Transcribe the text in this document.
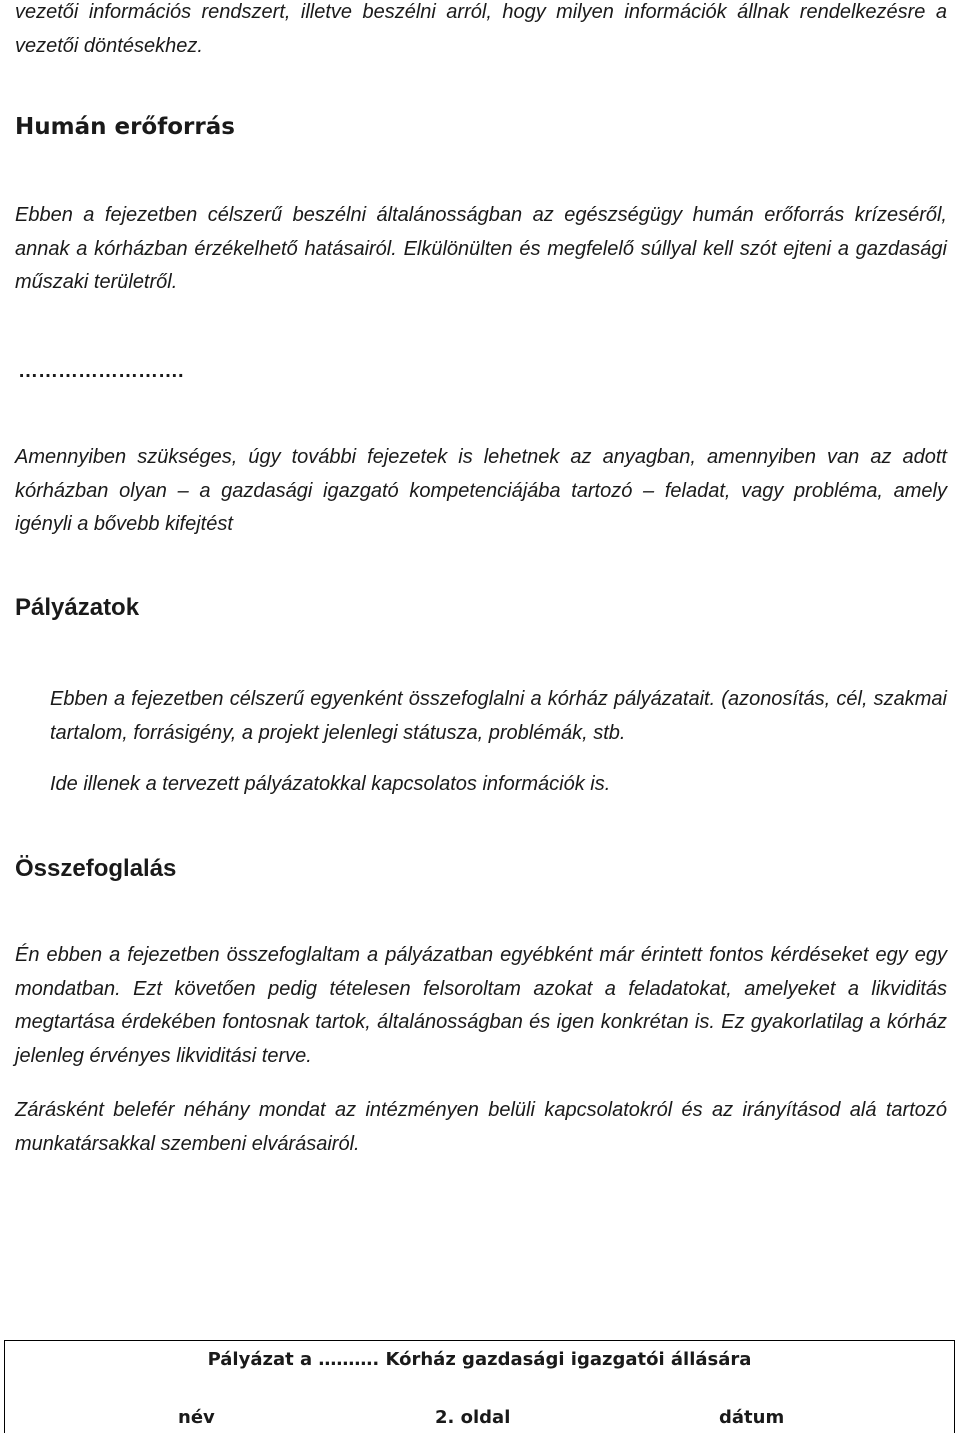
vezetői információs rendszert, illetve beszélni arról, hogy milyen információk állnak rendelkezésre a vezetői döntésekhez.

Humán erőforrás

Ebben a fejezetben célszerű beszélni általánosságban az egészségügy humán erőforrás krízeséről, annak a kórházban érzékelhető hatásairól. Elkülönülten és megfelelő súllyal kell szót ejteni a gazdasági műszaki területről.

…………………….

Amennyiben szükséges, úgy további fejezetek is lehetnek az anyagban, amennyiben van az adott kórházban olyan – a gazdasági igazgató kompetenciájába tartozó – feladat, vagy probléma, amely igényli a bővebb kifejtést

Pályázatok

Ebben a fejezetben célszerű egyenként összefoglalni a kórház pályázatait. (azonosítás, cél, szakmai tartalom, forrásigény, a projekt jelenlegi státusza, problémák, stb.

Ide illenek a tervezett pályázatokkal kapcsolatos információk is.

Összefoglalás

Én ebben a fejezetben összefoglaltam a pályázatban egyébként már érintett fontos kérdéseket egy egy mondatban. Ezt követően pedig tételesen felsoroltam azokat a feladatokat, amelyeket a likviditás megtartása érdekében fontosnak tartok, általánosságban és igen konkrétan is. Ez gyakorlatilag a kórház jelenleg érvényes likviditási terve.

Zárásként belefér néhány mondat az intézményen belüli kapcsolatokról és az irányításod alá tartozó munkatársakkal szembeni elvárásairól.

Pályázat a ………. Kórház gazdasági igazgatói állására
név	2. oldal	dátum
